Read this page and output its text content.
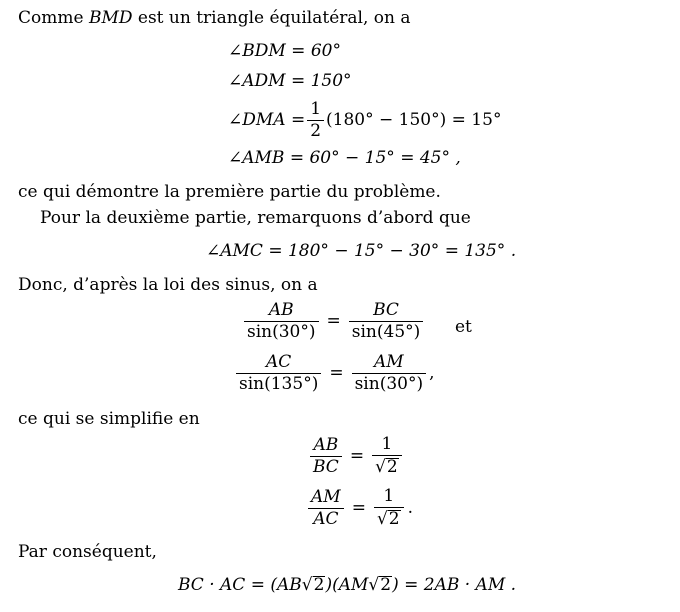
Comme BMD est un triangle équilatéral, on a
∠BDM = 60°
∠ADM = 150°
∠DMA = $\frac{1}{2} (180^\circ - 150^\circ) = 15^\circ$
∠AMB = 60° − 15° = 45° ,
ce qui démontre la première partie du problème.
Pour la deuxième partie, remarquons d’abord que
∠AMC = 180° − 15° − 30° = 135° .
Donc, d’après la loi des sinus, on a
$\frac{AB}{\sin(30^\circ)} = \frac{BC}{\sin(45^\circ)}$ et
$\frac{AC}{\sin(135^\circ)} = \frac{AM}{\sin(30^\circ)}$ ,
ce qui se simplifie en
$\frac{AB}{BC} = \frac{1}{√ 2}$
$\frac{AM}{AC} = \frac{1}{√ 2}$ .
Par conséquent,
BC · AC = (AB √ 2 )(AM √ 2 ) = 2AB · AM .
